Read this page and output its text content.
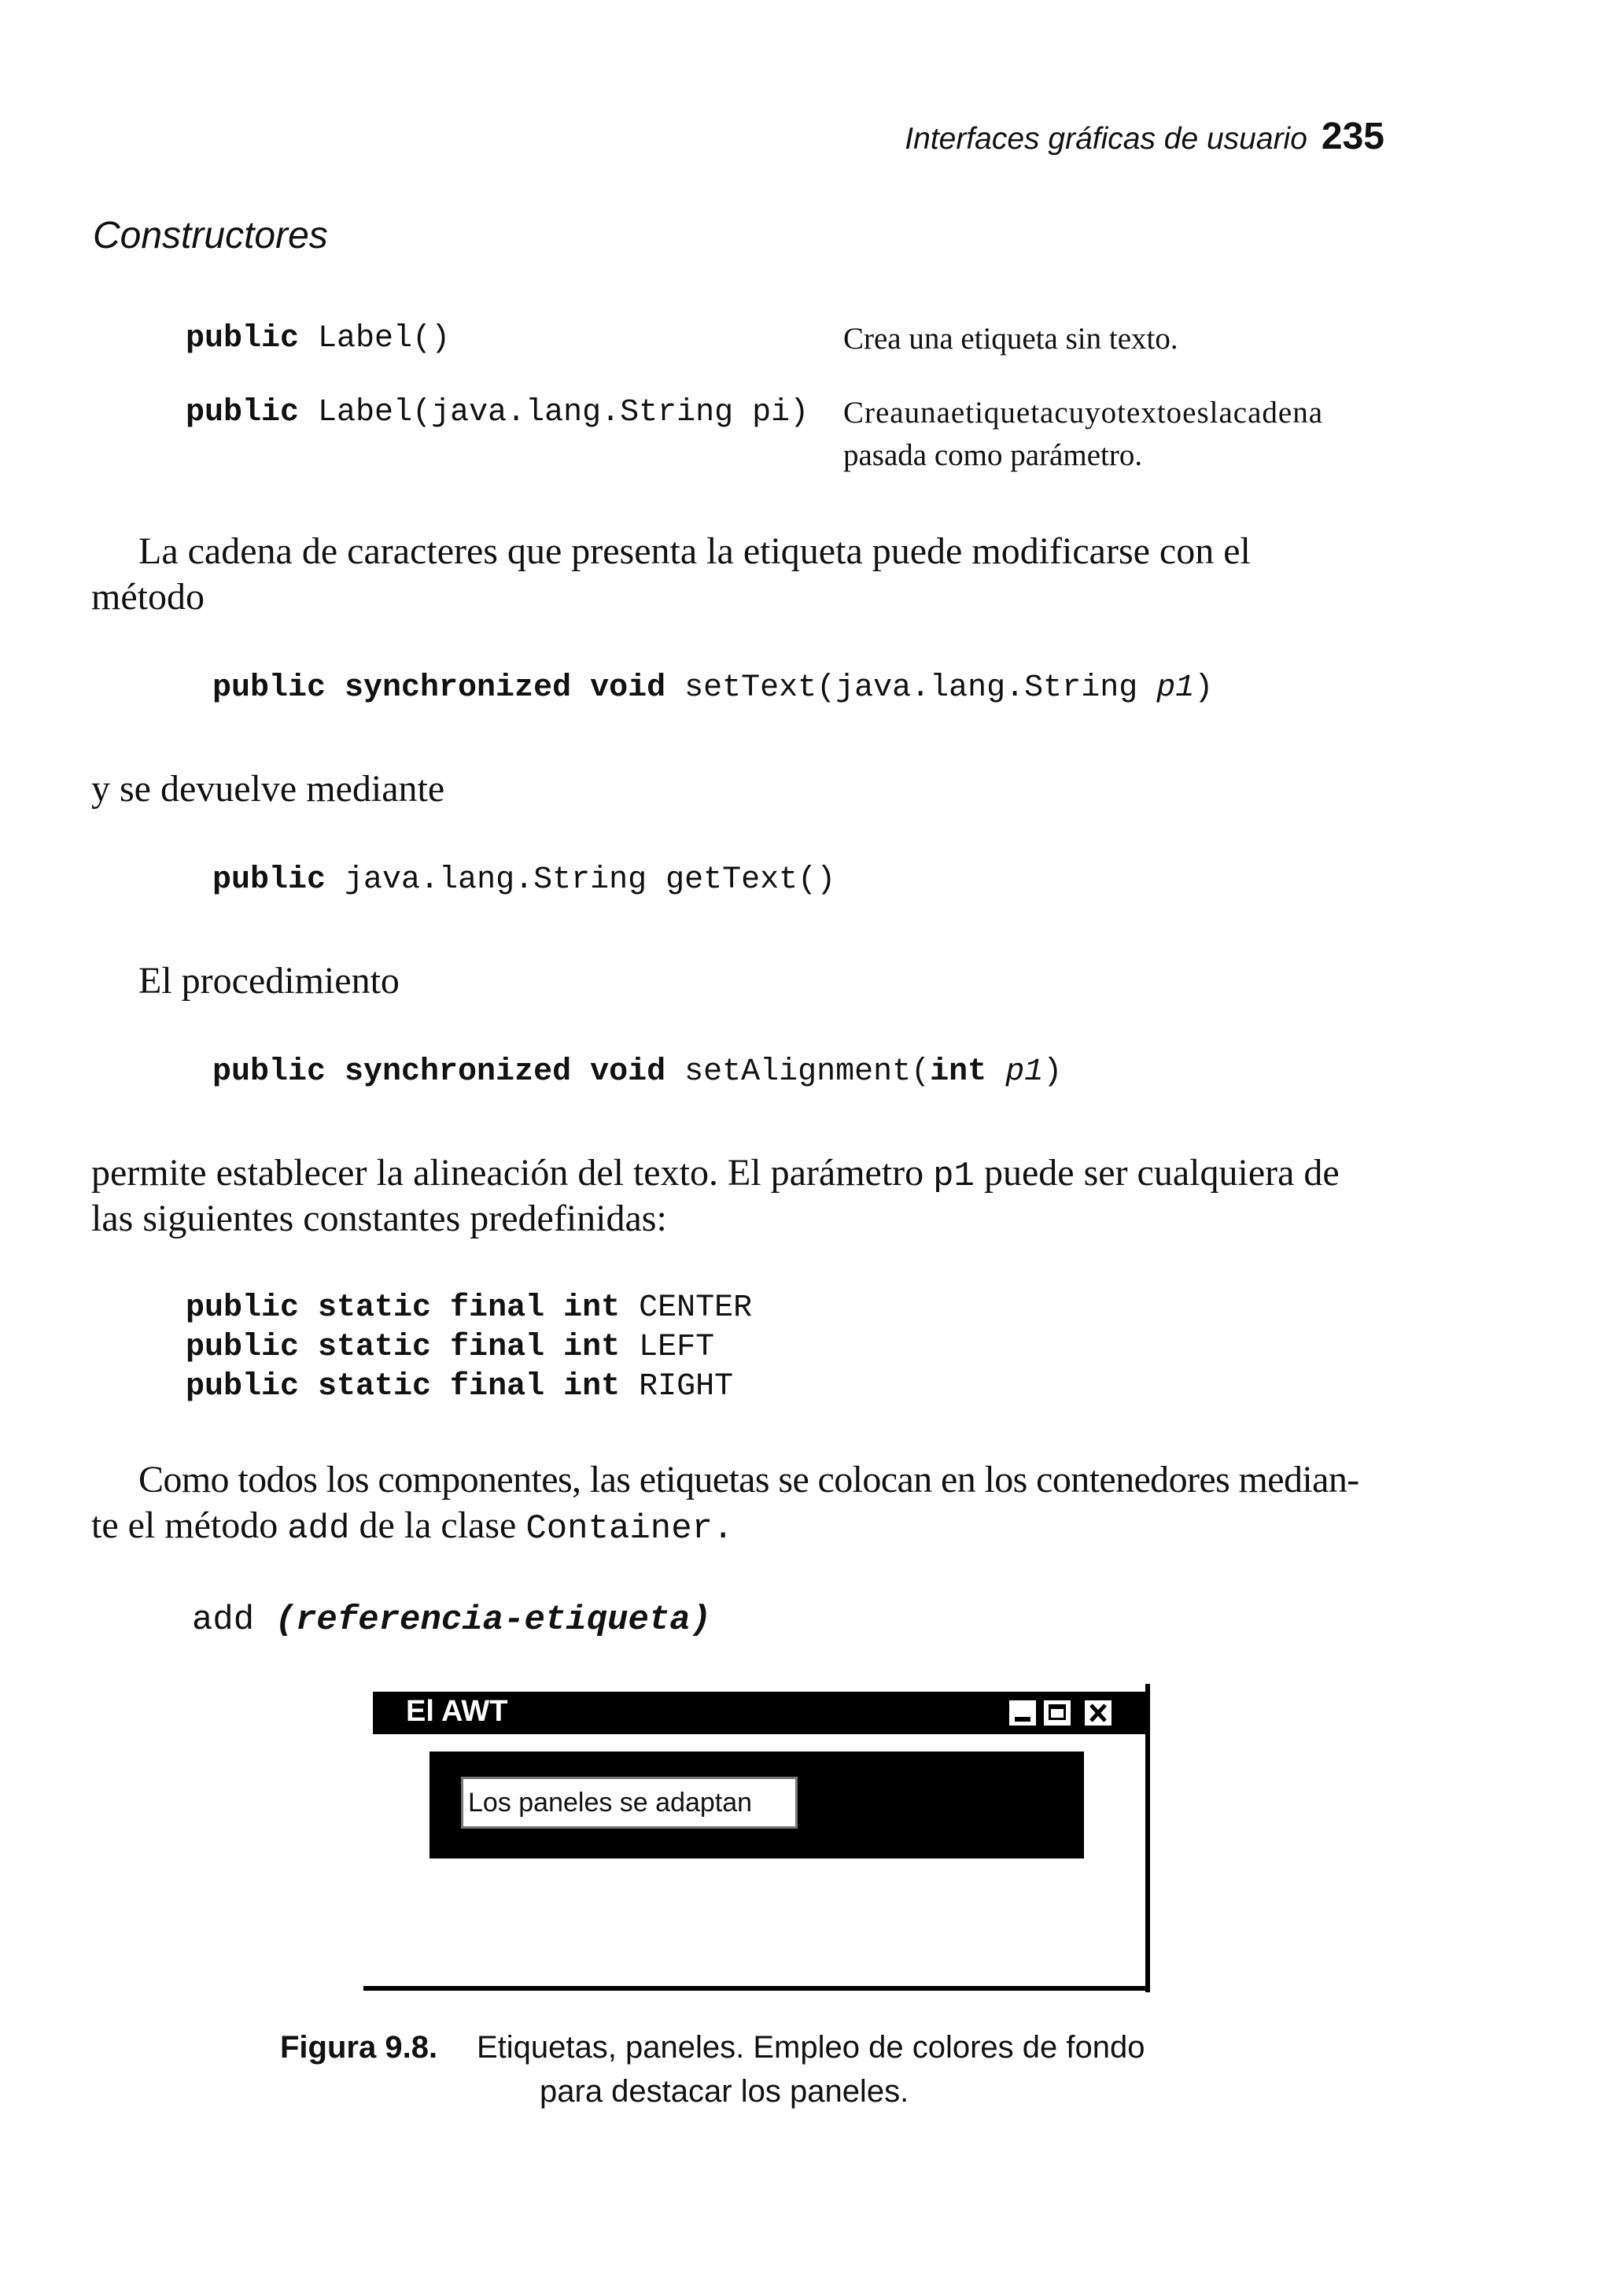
Interfaces gráficas de usuario 235
Constructores
public Label()	Crea una etiqueta sin texto.
public Label(java.lang.String pi) Creaunaetiquetacuyotextoeslacadena
pasada como parámetro.
La cadena de caracteres que presenta la etiqueta puede modificarse con el
método
public synchronized void setText(java.lang.String p1)
y se devuelve mediante
public java.lang.String getText()
El procedimiento
public synchronized void setAlignment(int p1)
permite establecer la alineación del texto. El parámetro p1 puede ser cualquiera de
las siguientes constantes predefinidas:
public static final int CENTER
public static final int LEFT
public static final int RIGHT
Como todos los componentes, las etiquetas se colocan en los contenedores median-
te el método add de la clase Container.
add (referencia-etiqueta)
El AWT
Los paneles se adaptan
Figura 9.8. Etiquetas, paneles. Empleo de colores de fondo
para destacar los paneles.
